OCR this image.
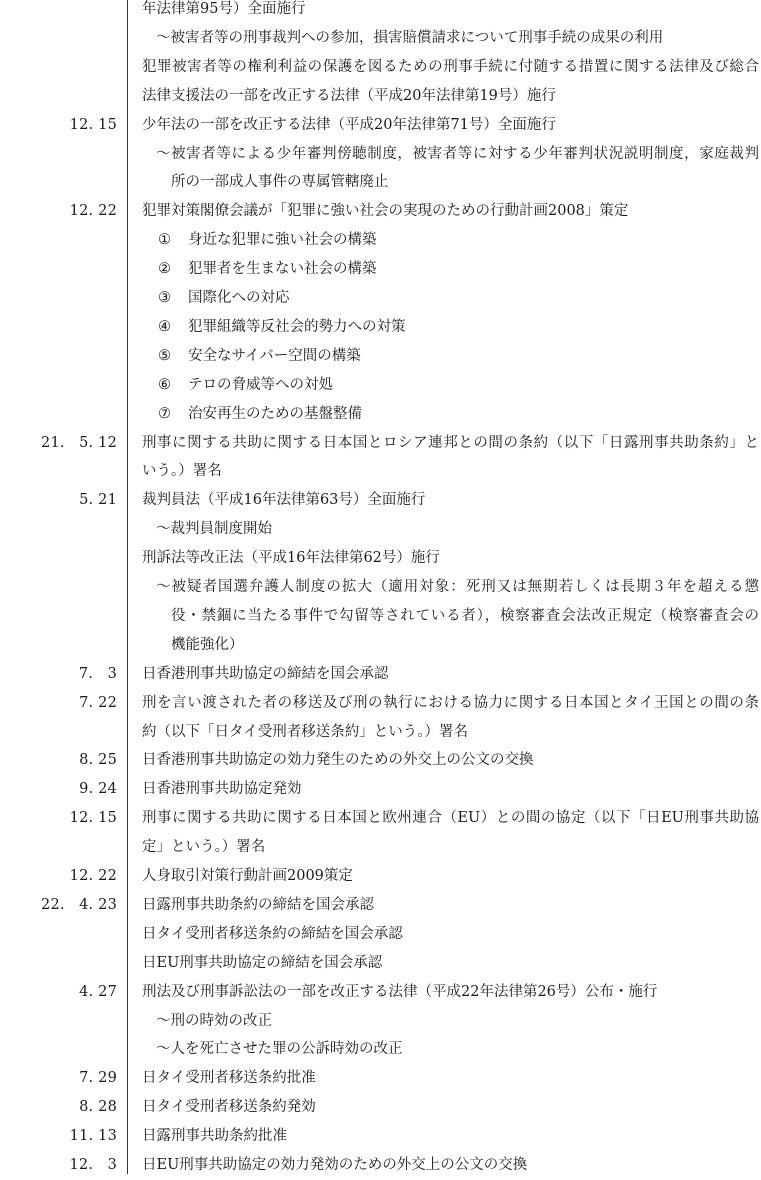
年法律第95号）全面施行
～被害者等の刑事裁判への参加，損害賠償請求について刑事手続の成果の利用
犯罪被害者等の権利利益の保護を図るための刑事手続に付随する措置に関する法律及び総合
法律支援法の一部を改正する法律（平成20年法律第19号）施行
12. 15 少年法の一部を改正する法律（平成20年法律第71号）全面施行
～被害者等による少年審判傍聴制度，被害者等に対する少年審判状況説明制度，家庭裁判
所の一部成人事件の専属管轄廃止
12. 22 犯罪対策閣僚会議が「犯罪に強い社会の実現のための行動計画2008」策定
① 身近な犯罪に強い社会の構築
② 犯罪者を生まない社会の構築
③ 国際化への対応
④ 犯罪組織等反社会的勢力への対策
⑤ 安全なサイバー空間の構築
⑥ テロの脅威等への対処
⑦ 治安再生のための基盤整備
21.   5. 12 刑事に関する共助に関する日本国とロシア連邦との間の条約（以下「日露刑事共助条約」と
いう。）署名
5. 21 裁判員法（平成16年法律第63号）全面施行
～裁判員制度開始
刑訴法等改正法（平成16年法律第62号）施行
～被疑者国選弁護人制度の拡大（適用対象：死刑又は無期若しくは長期３年を超える懲
役・禁錮に当たる事件で勾留等されている者），検察審査会法改正規定（検察審査会の
機能強化）
7.   3 日香港刑事共助協定の締結を国会承認
7. 22 刑を言い渡された者の移送及び刑の執行における協力に関する日本国とタイ王国との間の条
約（以下「日タイ受刑者移送条約」という。）署名
8. 25 日香港刑事共助協定の効力発生のための外交上の公文の交換
9. 24 日香港刑事共助協定発効
12. 15 刑事に関する共助に関する日本国と欧州連合（EU）との間の協定（以下「日EU刑事共助協
定」という。）署名
12. 22 人身取引対策行動計画2009策定
22.   4. 23 日露刑事共助条約の締結を国会承認
日タイ受刑者移送条約の締結を国会承認
日EU刑事共助協定の締結を国会承認
4. 27 刑法及び刑事訴訟法の一部を改正する法律（平成22年法律第26号）公布・施行
～刑の時効の改正
～人を死亡させた罪の公訴時効の改正
7. 29 日タイ受刑者移送条約批准
8. 28 日タイ受刑者移送条約発効
11. 13 日露刑事共助条約批准
12.   3 日EU刑事共助協定の効力発効のための外交上の公文の交換
